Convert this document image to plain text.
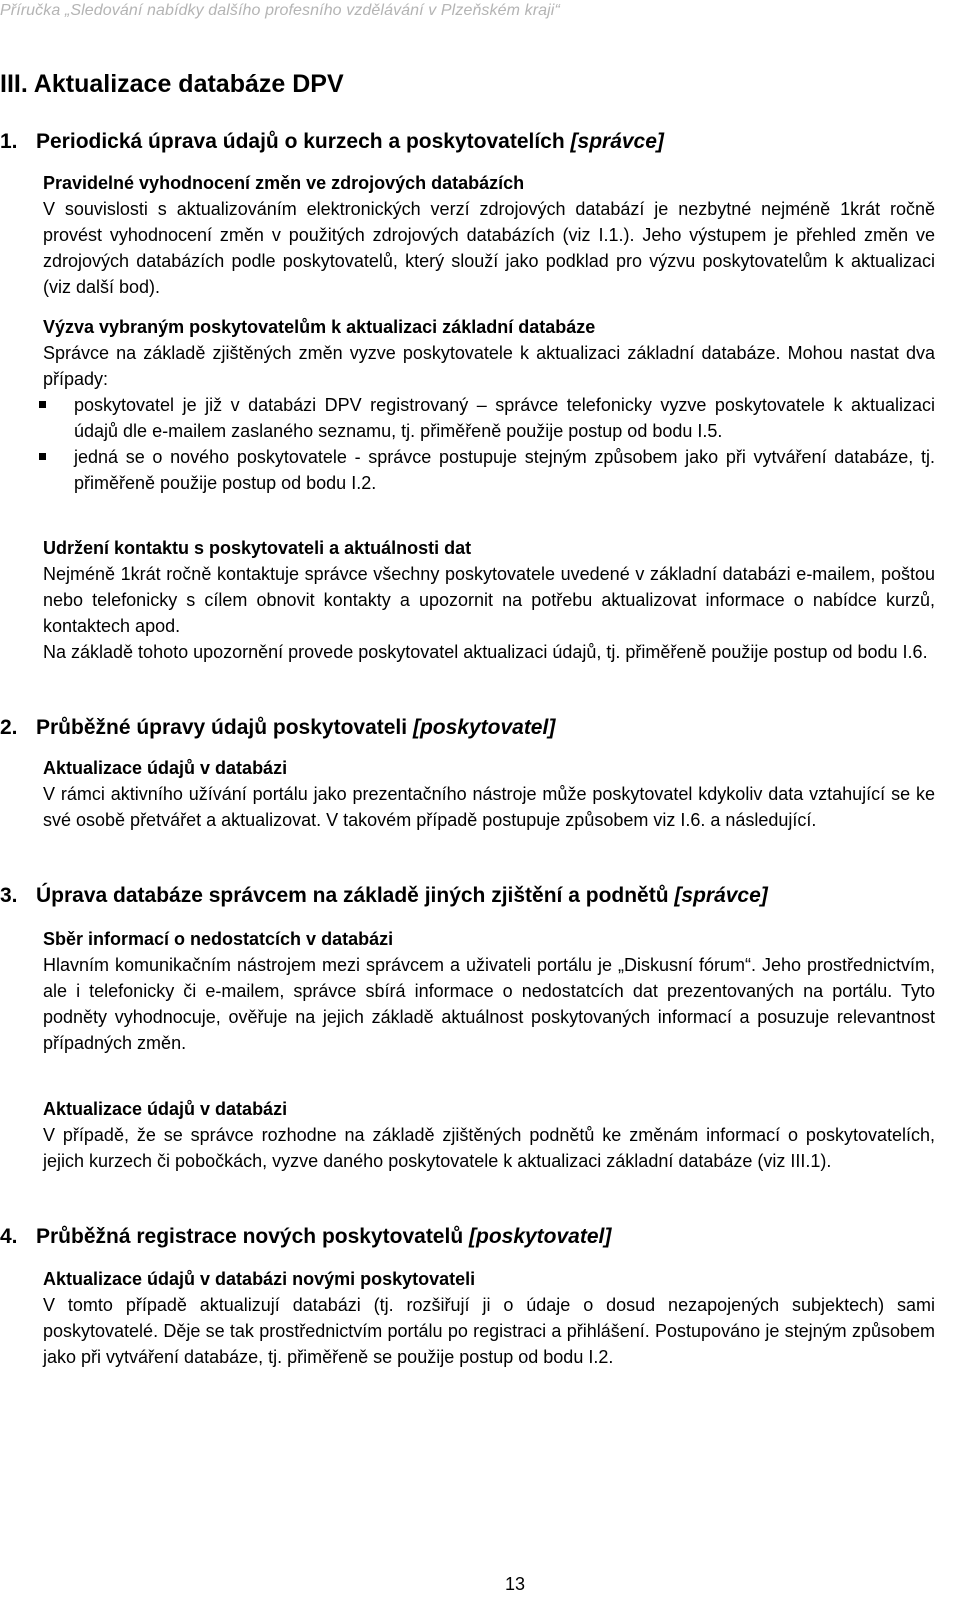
Příručka „Sledování nabídky dalšího profesního vzdělávání v Plzeňském kraji“
III. Aktualizace databáze DPV
1. Periodická úprava údajů o kurzech a poskytovatelích [správce]
Pravidelné vyhodnocení změn ve zdrojových databázích

V souvislosti s aktualizováním elektronických verzí zdrojových databází je nezbytné nejméně 1krát ročně provést vyhodnocení změn v použitých zdrojových databázích (viz I.1.). Jeho výstupem je přehled změn ve zdrojových databázích podle poskytovatelů, který slouží jako podklad pro výzvu poskytovatelům k aktualizaci (viz další bod).

Výzva vybraným poskytovatelům k aktualizaci základní databáze

Správce na základě zjištěných změn vyzve poskytovatele k aktualizaci základní databáze. Mohou nastat dva případy:

poskytovatel je již v databázi DPV registrovaný – správce telefonicky vyzve poskytovatele k aktualizaci údajů dle e-mailem zaslaného seznamu, tj. přiměřeně použije postup od bodu I.5.
jedná se o nového poskytovatele - správce postupuje stejným způsobem jako při vytváření databáze, tj. přiměřeně použije postup od bodu I.2.
Udržení kontaktu s poskytovateli a aktuálnosti dat

Nejméně 1krát ročně kontaktuje správce všechny poskytovatele uvedené v základní databázi e-mailem, poštou nebo telefonicky s cílem obnovit kontakty a upozornit na potřebu aktualizovat informace o nabídce kurzů, kontaktech apod.

Na základě tohoto upozornění provede poskytovatel aktualizaci údajů, tj. přiměřeně použije postup od bodu I.6.

2. Průběžné úpravy údajů poskytovateli [poskytovatel]
Aktualizace údajů v databázi

V rámci aktivního užívání portálu jako prezentačního nástroje může poskytovatel kdykoliv data vztahující se ke své osobě přetvářet a aktualizovat. V takovém případě postupuje způsobem viz I.6. a následující.

3. Úprava databáze správcem na základě jiných zjištění a podnětů [správce]
Sběr informací o nedostatcích v databázi

Hlavním komunikačním nástrojem mezi správcem a uživateli portálu je „Diskusní fórum“. Jeho prostřednictvím, ale i telefonicky či e-mailem, správce sbírá informace o nedostatcích dat prezentovaných na portálu. Tyto podněty vyhodnocuje, ověřuje na jejich základě aktuálnost poskytovaných informací a posuzuje relevantnost případných změn.

Aktualizace údajů v databázi

V případě, že se správce rozhodne na základě zjištěných podnětů ke změnám informací o poskytovatelích, jejich kurzech či pobočkách, vyzve daného poskytovatele k aktualizaci základní databáze (viz III.1).

4. Průběžná registrace nových poskytovatelů [poskytovatel]
Aktualizace údajů v databázi novými poskytovateli

V tomto případě aktualizují databázi (tj. rozšiřují ji o údaje o dosud nezapojených subjektech) sami poskytovatelé. Děje se tak prostřednictvím portálu po registraci a přihlášení. Postupováno je stejným způsobem jako při vytváření databáze, tj. přiměřeně se použije postup od bodu I.2.

13
